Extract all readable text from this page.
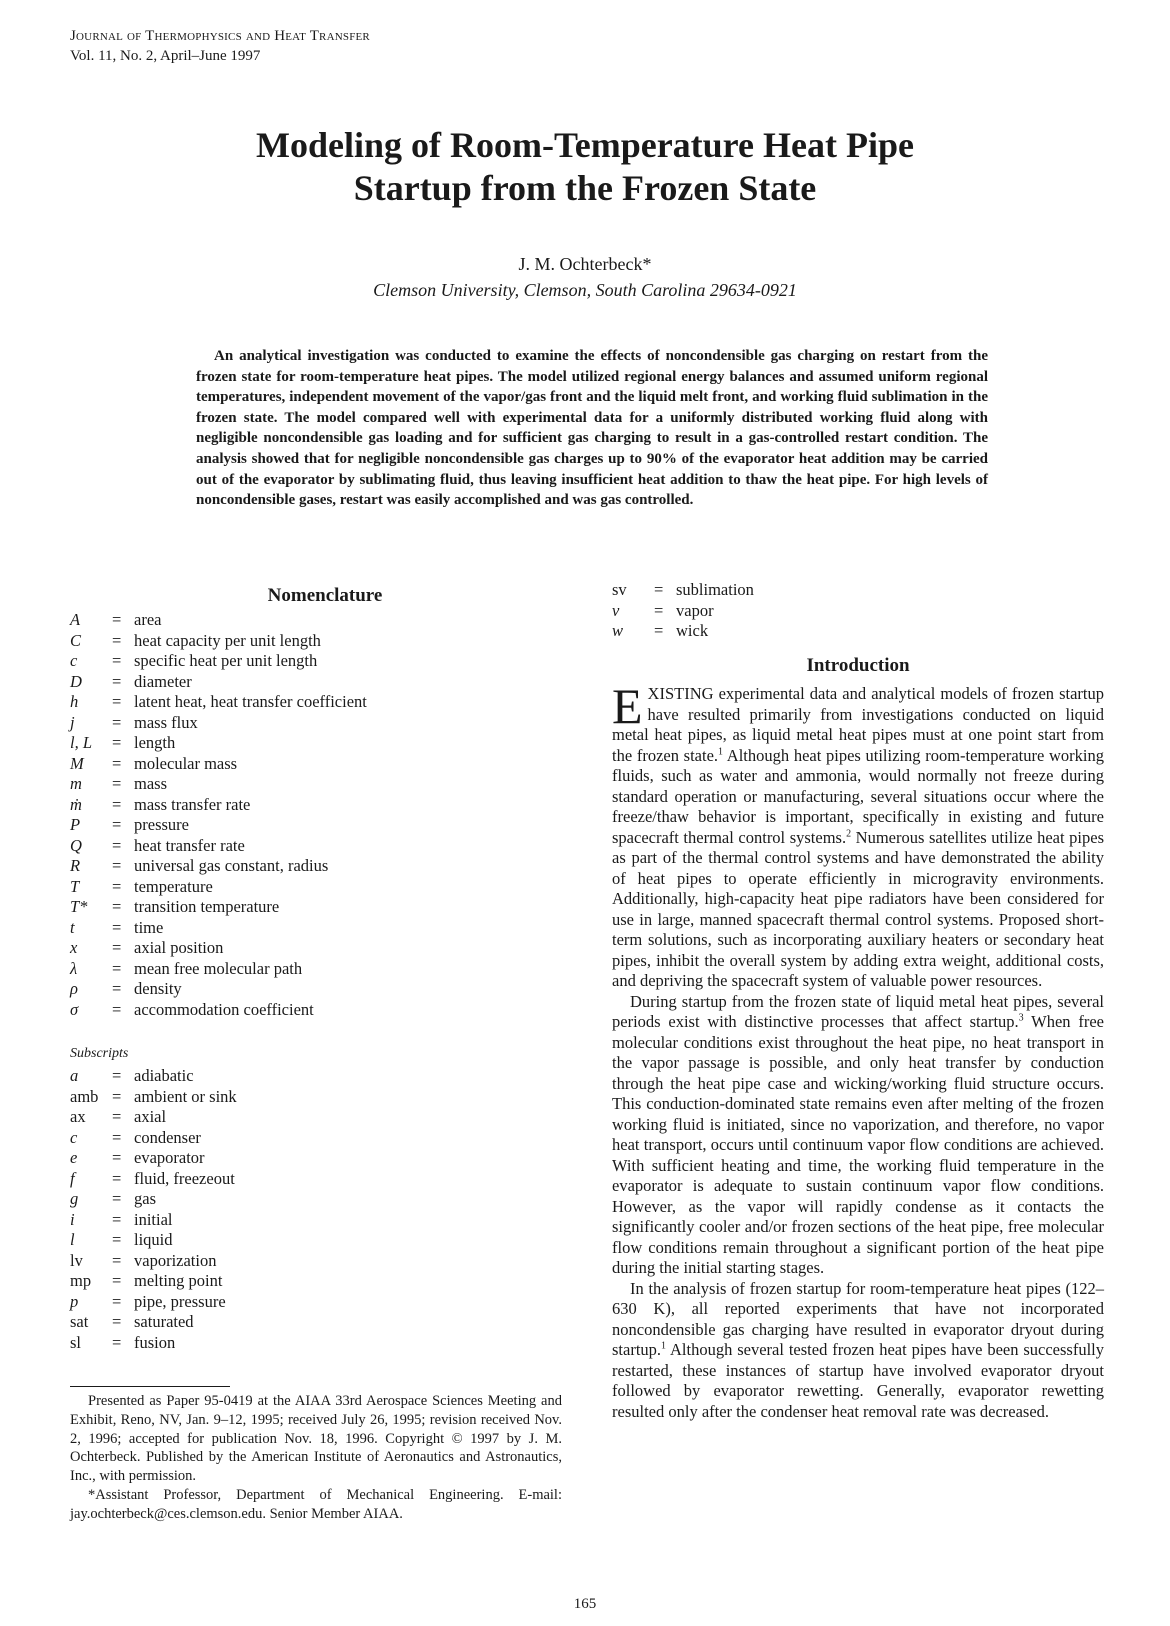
Journal of Thermophysics and Heat Transfer
Vol. 11, No. 2, April–June 1997
Modeling of Room-Temperature Heat Pipe
Startup from the Frozen State
J. M. Ochterbeck*
Clemson University, Clemson, South Carolina 29634-0921
An analytical investigation was conducted to examine the effects of noncondensible gas charging on restart from the frozen state for room-temperature heat pipes. The model utilized regional energy balances and assumed uniform regional temperatures, independent movement of the vapor/gas front and the liquid melt front, and working fluid sublimation in the frozen state. The model compared well with experimental data for a uniformly distributed working fluid along with negligible noncondensible gas loading and for sufficient gas charging to result in a gas-controlled restart condition. The analysis showed that for negligible noncondensible gas charges up to 90% of the evaporator heat addition may be carried out of the evaporator by sublimating fluid, thus leaving insufficient heat addition to thaw the heat pipe. For high levels of noncondensible gases, restart was easily accomplished and was gas controlled.
Nomenclature
A	= area
C	= heat capacity per unit length
c	= specific heat per unit length
D	= diameter
h	= latent heat, heat transfer coefficient
j	= mass flux
l, L	= length
M	= molecular mass
m	= mass
ṁ	= mass transfer rate
P	= pressure
Q	= heat transfer rate
R	= universal gas constant, radius
T	= temperature
T*	= transition temperature
t	= time
x	= axial position
λ	= mean free molecular path
ρ	= density
σ	= accommodation coefficient
Subscripts
a	= adiabatic
amb = ambient or sink
ax	= axial
c	= condenser
e	= evaporator
f	= fluid, freezeout
g	= gas
i	= initial
l	= liquid
lv	= vaporization
mp	= melting point
p	= pipe, pressure
sat	= saturated
sl	= fusion
sv	= sublimation
v	= vapor
w	= wick

Presented as Paper 95-0419 at the AIAA 33rd Aerospace Sciences Meeting and Exhibit, Reno, NV, Jan. 9–12, 1995; received July 26, 1995; revision received Nov. 2, 1996; accepted for publication Nov. 18, 1996. Copyright © 1997 by J. M. Ochterbeck. Published by the American Institute of Aeronautics and Astronautics, Inc., with permission.

*Assistant Professor, Department of Mechanical Engineering. E-mail: jay.ochterbeck@ces.clemson.edu. Senior Member AIAA.

Introduction

EXISTING experimental data and analytical models of frozen startup have resulted primarily from investigations conducted on liquid metal heat pipes, as liquid metal heat pipes must at one point start from the frozen state.$^1$ Although heat pipes utilizing room-temperature working fluids, such as water and ammonia, would normally not freeze during standard operation or manufacturing, several situations occur where the freeze/thaw behavior is important, specifically in existing and future spacecraft thermal control systems.$^2$ Numerous satellites utilize heat pipes as part of the thermal control systems and have demonstrated the ability of heat pipes to operate efficiently in microgravity environments. Additionally, high-capacity heat pipe radiators have been considered for use in large, manned spacecraft thermal control systems. Proposed short-term solutions, such as incorporating auxiliary heaters or secondary heat pipes, inhibit the overall system by adding extra weight, additional costs, and depriving the spacecraft system of valuable power resources.

During startup from the frozen state of liquid metal heat pipes, several periods exist with distinctive processes that affect startup.$^3$ When free molecular conditions exist throughout the heat pipe, no heat transport in the vapor passage is possible, and only heat transfer by conduction through the heat pipe case and wicking/working fluid structure occurs. This conduction-dominated state remains even after melting of the frozen working fluid is initiated, since no vaporization, and therefore, no vapor heat transport, occurs until continuum vapor flow conditions are achieved. With sufficient heating and time, the working fluid temperature in the evaporator is adequate to sustain continuum vapor flow conditions. However, as the vapor will rapidly condense as it contacts the significantly cooler and/or frozen sections of the heat pipe, free molecular flow conditions remain throughout a significant portion of the heat pipe during the initial starting stages.

In the analysis of frozen startup for room-temperature heat pipes (122–630 K), all reported experiments that have not incorporated noncondensible gas charging have resulted in evaporator dryout during startup.$^1$ Although several tested frozen heat pipes have been successfully restarted, these instances of startup have involved evaporator dryout followed by evaporator rewetting. Generally, evaporator rewetting resulted only after the condenser heat removal rate was decreased.

165
